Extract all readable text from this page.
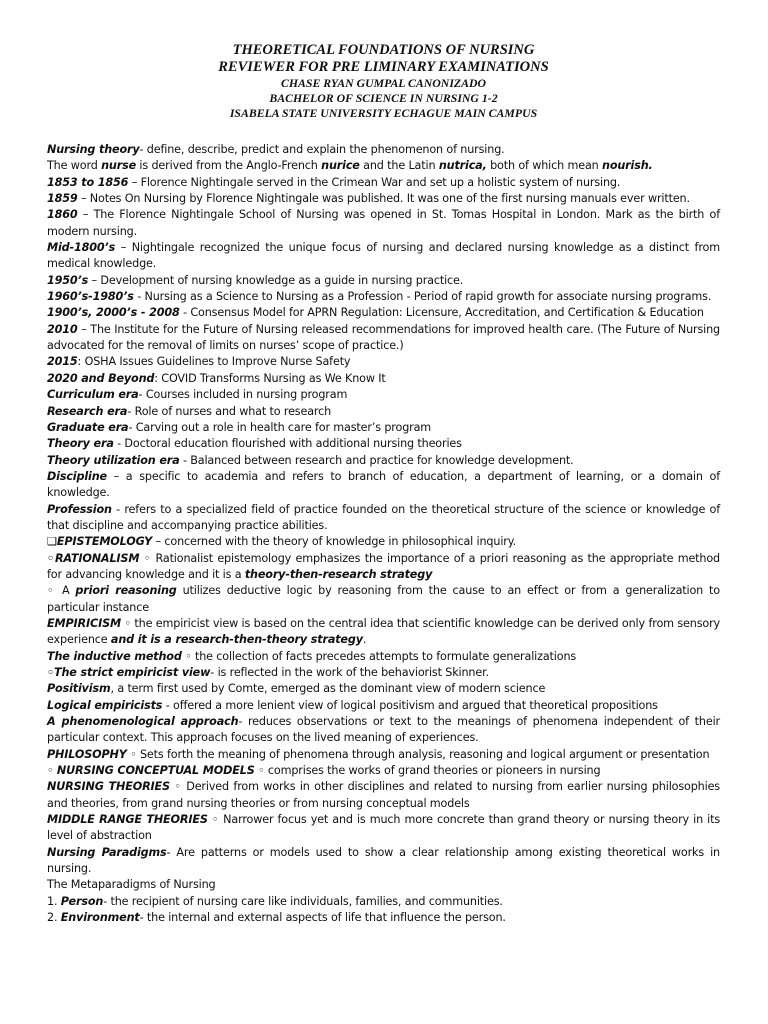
THEORETICAL FOUNDATIONS OF NURSING
REVIEWER FOR PRE LIMINARY EXAMINATIONS
CHASE RYAN GUMPAL CANONIZADO
BACHELOR OF SCIENCE IN NURSING 1-2
ISABELA STATE UNIVERSITY ECHAGUE MAIN CAMPUS

Nursing theory- define, describe, predict and explain the phenomenon of nursing.

The word nurse is derived from the Anglo-French nurice and the Latin nutrica, both of which mean nourish.

1853 to 1856 – Florence Nightingale served in the Crimean War and set up a holistic system of nursing.

1859 – Notes On Nursing by Florence Nightingale was published. It was one of the first nursing manuals ever written.

1860 – The Florence Nightingale School of Nursing was opened in St. Tomas Hospital in London. Mark as the birth of modern nursing.

Mid-1800’s – Nightingale recognized the unique focus of nursing and declared nursing knowledge as a distinct from medical knowledge.

1950’s – Development of nursing knowledge as a guide in nursing practice.

1960’s-1980’s - Nursing as a Science to Nursing as a Profession - Period of rapid growth for associate nursing programs.

1900’s, 2000’s - 2008 - Consensus Model for APRN Regulation: Licensure, Accreditation, and Certification & Education

2010 – The Institute for the Future of Nursing released recommendations for improved health care. (The Future of Nursing advocated for the removal of limits on nurses’ scope of practice.)

2015: OSHA Issues Guidelines to Improve Nurse Safety

2020 and Beyond: COVID Transforms Nursing as We Know It

Curriculum era- Courses included in nursing program

Research era- Role of nurses and what to research

Graduate era- Carving out a role in health care for master’s program

Theory era - Doctoral education flourished with additional nursing theories

Theory utilization era - Balanced between research and practice for knowledge development.

Discipline – a specific to academia and refers to branch of education, a department of learning, or a domain of knowledge.

Profession - refers to a specialized field of practice founded on the theoretical structure of the science or knowledge of that discipline and accompanying practice abilities.

❑EPISTEMOLOGY – concerned with the theory of knowledge in philosophical inquiry.

◦RATIONALISM ◦ Rationalist epistemology emphasizes the importance of a priori reasoning as the appropriate method for advancing knowledge and it is a theory-then-research strategy

◦ A priori reasoning utilizes deductive logic by reasoning from the cause to an effect or from a generalization to particular instance

EMPIRICISM ◦ the empiricist view is based on the central idea that scientific knowledge can be derived only from sensory experience and it is a research-then-theory strategy.

The inductive method ◦ the collection of facts precedes attempts to formulate generalizations

◦The strict empiricist view- is reflected in the work of the behaviorist Skinner.

Positivism, a term first used by Comte, emerged as the dominant view of modern science

Logical empiricists - offered a more lenient view of logical positivism and argued that theoretical propositions

A phenomenological approach- reduces observations or text to the meanings of phenomena independent of their particular context. This approach focuses on the lived meaning of experiences.

PHILOSOPHY ◦ Sets forth the meaning of phenomena through analysis, reasoning and logical argument or presentation

◦ NURSING CONCEPTUAL MODELS ◦ comprises the works of grand theories or pioneers in nursing

NURSING THEORIES ◦ Derived from works in other disciplines and related to nursing from earlier nursing philosophies and theories, from grand nursing theories or from nursing conceptual models

MIDDLE RANGE THEORIES ◦ Narrower focus yet and is much more concrete than grand theory or nursing theory in its level of abstraction

Nursing Paradigms- Are patterns or models used to show a clear relationship among existing theoretical works in nursing.

The Metaparadigms of Nursing

1. Person- the recipient of nursing care like individuals, families, and communities.

2. Environment- the internal and external aspects of life that influence the person.
